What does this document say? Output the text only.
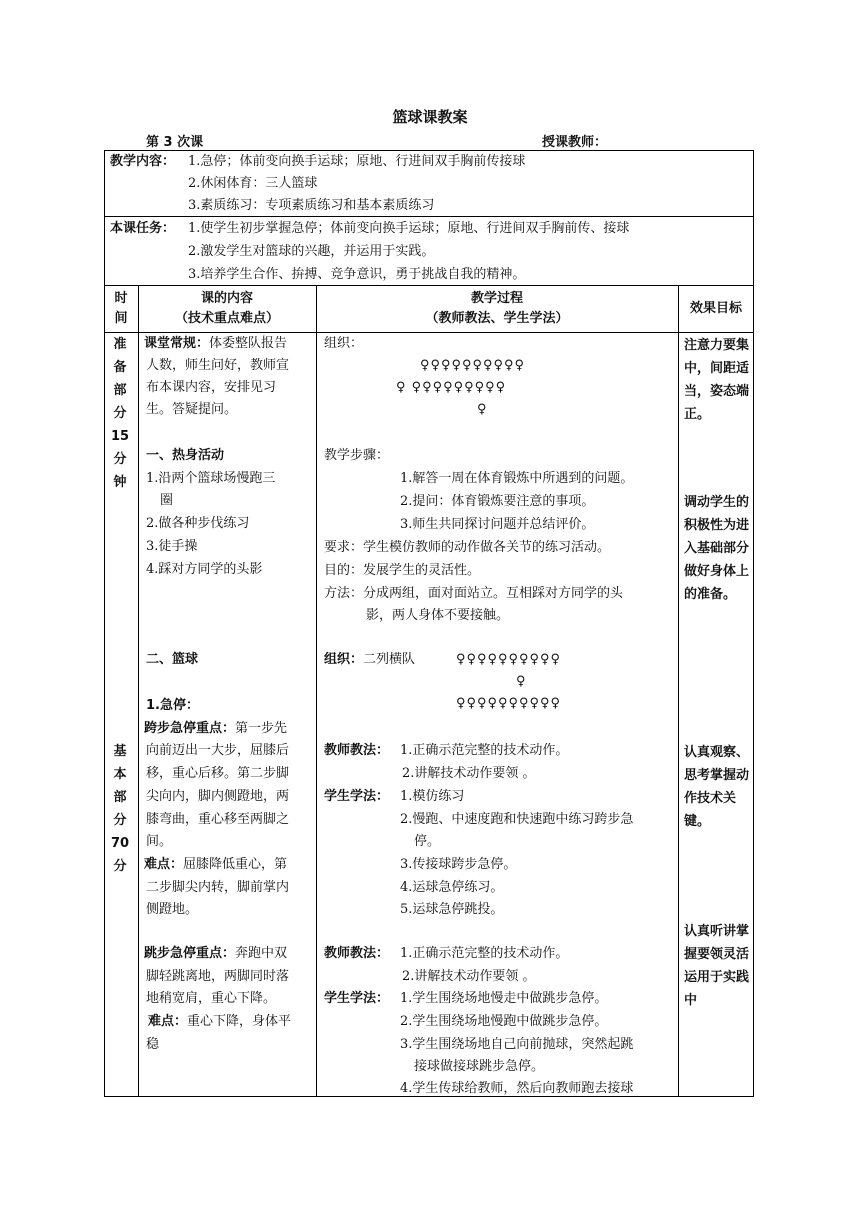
篮球课教案
第 3 次课	授课教师：
教学内容： 1.急停；体前变向换手运球；原地、行进间双手胸前传接球
2.休闲体育：三人篮球
3.素质练习：专项素质练习和基本素质练习
本课任务： 1.使学生初步掌握急停；体前变向换手运球；原地、行进间双手胸前传、接球
2.激发学生对篮球的兴趣，并运用于实践。
3.培养学生合作、拚搏、竞争意识，勇于挑战自我的精神。
时
间
课的内容
（技术重点难点）
教学过程
（教师教法、学生学法）
效果目标
准
备
部
分
15
分
钟
课堂常规：体委整队报告
人数，师生问好，教师宣
布本课内容，安排见习
生。答疑提问。
一、热身活动
1.沿两个篮球场慢跑三
圈
2.做各种步伐练习
3.徒手操
4.踩对方同学的头影
组织：
♀♀♀♀♀♀♀♀♀♀
♀ ♀♀♀♀♀♀♀♀♀
♀
教学步骤：
1.解答一周在体育锻炼中所遇到的问题。
2.提问：体育锻炼要注意的事项。
3.师生共同探讨问题并总结评价。
要求：学生模仿教师的动作做各关节的练习活动。
目的：发展学生的灵活性。
方法：分成两组，面对面站立。互相踩对方同学的头
影，两人身体不要接触。
注意力要集中，间距适当，姿态端正。
调动学生的积极性为进入基础部分做好身体上的准备。
基
本
部
分
70
分
二、篮球
1.急停：
跨步急停重点：第一步先
向前迈出一大步，屈膝后
移，重心后移。第二步脚
尖向内，脚内侧蹬地，两
膝弯曲，重心移至两脚之
间。
难点：屈膝降低重心，第
二步脚尖内转，脚前掌内
侧蹬地。
跳步急停重点：奔跑中双
脚轻跳离地，两脚同时落
地稍宽肩，重心下降。
难点：重心下降，身体平
稳
组织：二列横队	♀♀♀♀♀♀♀♀♀♀
♀
♀♀♀♀♀♀♀♀♀♀
教师教法： 1.正确示范完整的技术动作。
2.讲解技术动作要领 。
学生学法： 1.模仿练习
2.慢跑、中速度跑和快速跑中练习跨步急
停。
3.传接球跨步急停。
4.运球急停练习。
5.运球急停跳投。
教师教法： 1.正确示范完整的技术动作。
2.讲解技术动作要领 。
学生学法： 1.学生围绕场地慢走中做跳步急停。
2.学生围绕场地慢跑中做跳步急停。
3.学生围绕场地自己向前抛球，突然起跳
接球做接球跳步急停。
4.学生传球给教师，然后向教师跑去接球
认真观察、思考掌握动作技术关键。
认真听讲掌握要领灵活运用于实践中
